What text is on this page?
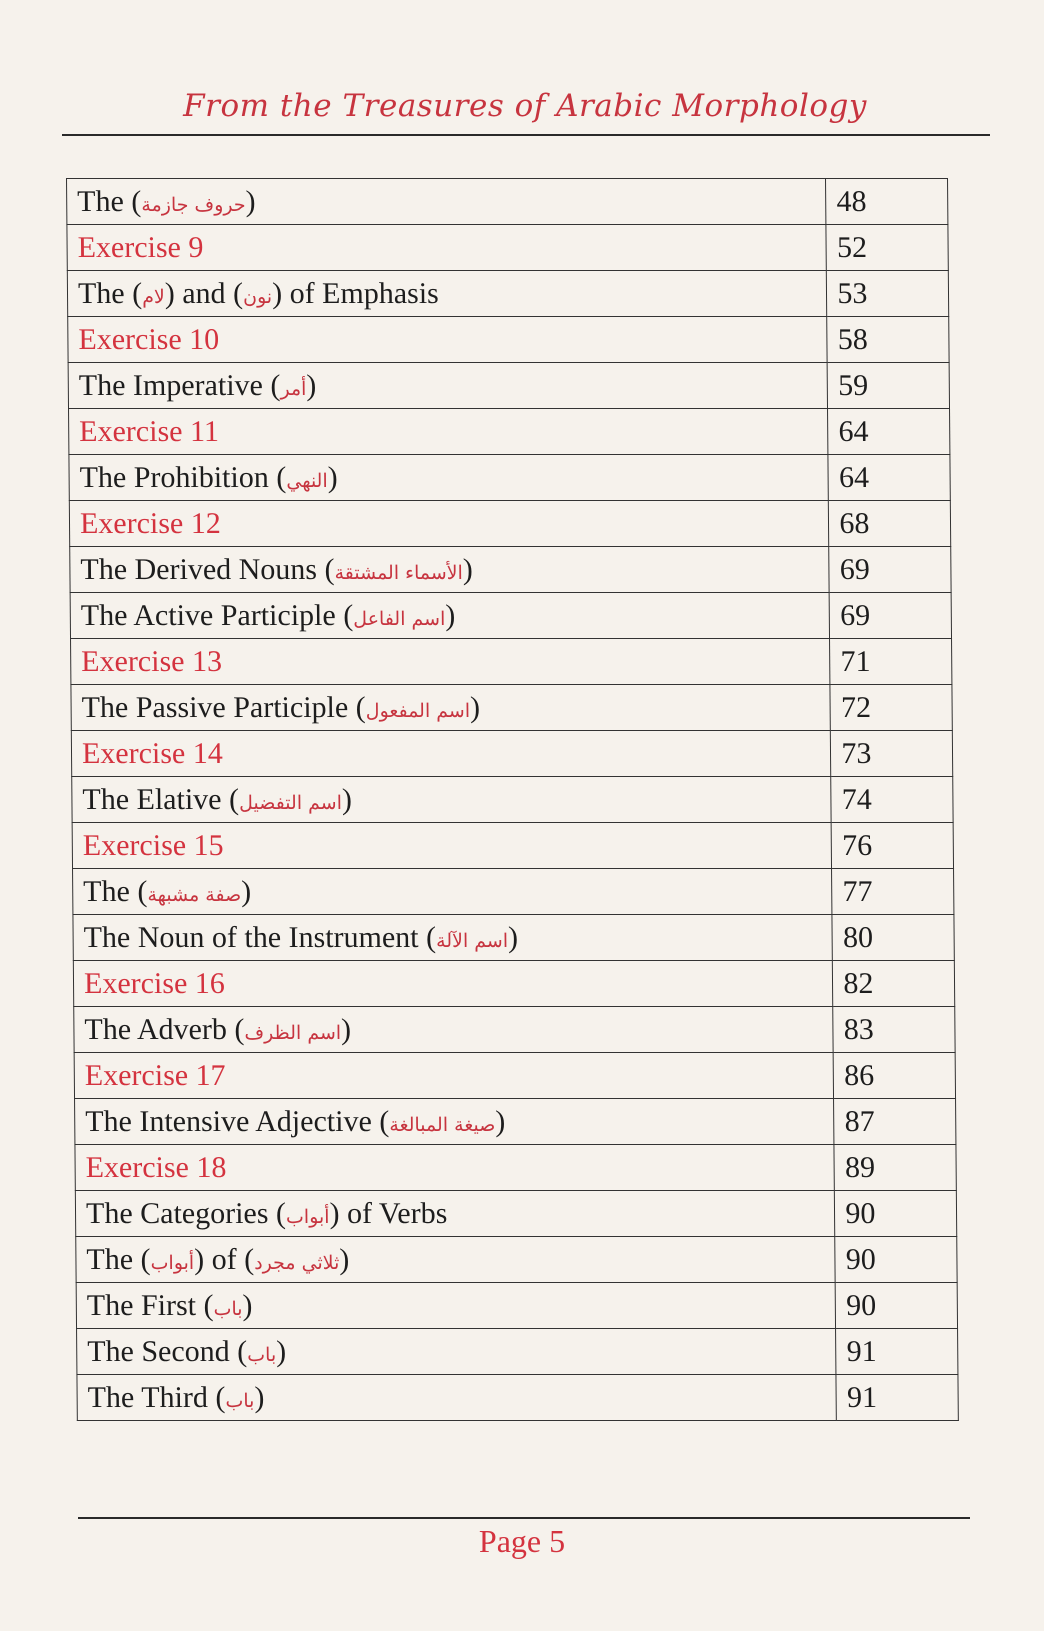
From the Treasures of Arabic Morphology
The (حروف جازمة)	48
Exercise 9	52
The (لام) and (نون) of Emphasis	53
Exercise 10	58
The Imperative (أمر)	59
Exercise 11	64
The Prohibition (النهي)	64
Exercise 12	68
The Derived Nouns (الأسماء المشتقة)	69
The Active Participle (اسم الفاعل)	69
Exercise 13	71
The Passive Participle (اسم المفعول)	72
Exercise 14	73
The Elative (اسم التفضيل)	74
Exercise 15	76
The (صفة مشبهة)	77
The Noun of the Instrument (اسم الآلة)	80
Exercise 16	82
The Adverb (اسم الظرف)	83
Exercise 17	86
The Intensive Adjective (صيغة المبالغة)	87
Exercise 18	89
The Categories (أبواب) of Verbs	90
The (أبواب) of (ثلاثي مجرد)	90
The First (باب)	90
The Second (باب)	91
The Third (باب)	91
Page 5
